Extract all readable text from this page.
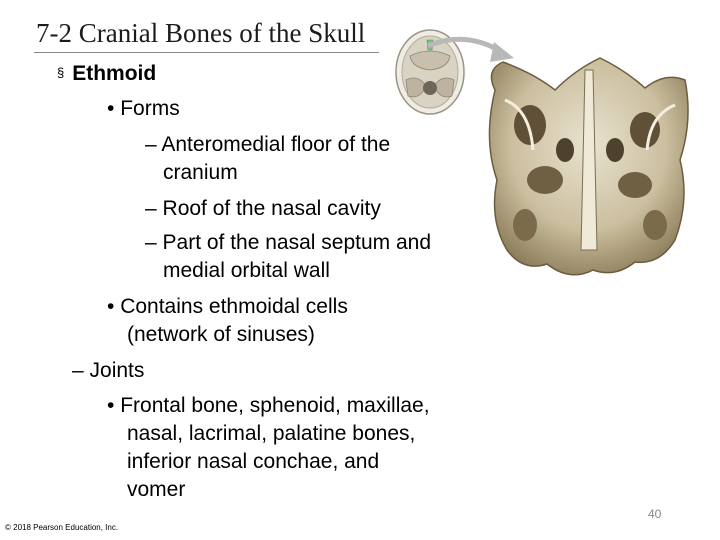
7-2 Cranial Bones of the Skull
§ Ethmoid
• Forms
– Anteromedial floor of the
cranium
– Roof of the nasal cavity
– Part of the nasal septum and
medial orbital wall
• Contains ethmoidal cells
(network of sinuses)
– Joints
• Frontal bone, sphenoid, maxillae,
nasal, lacrimal, palatine bones,
inferior nasal conchae, and
vomer
40
© 2018 Pearson Education, Inc.
